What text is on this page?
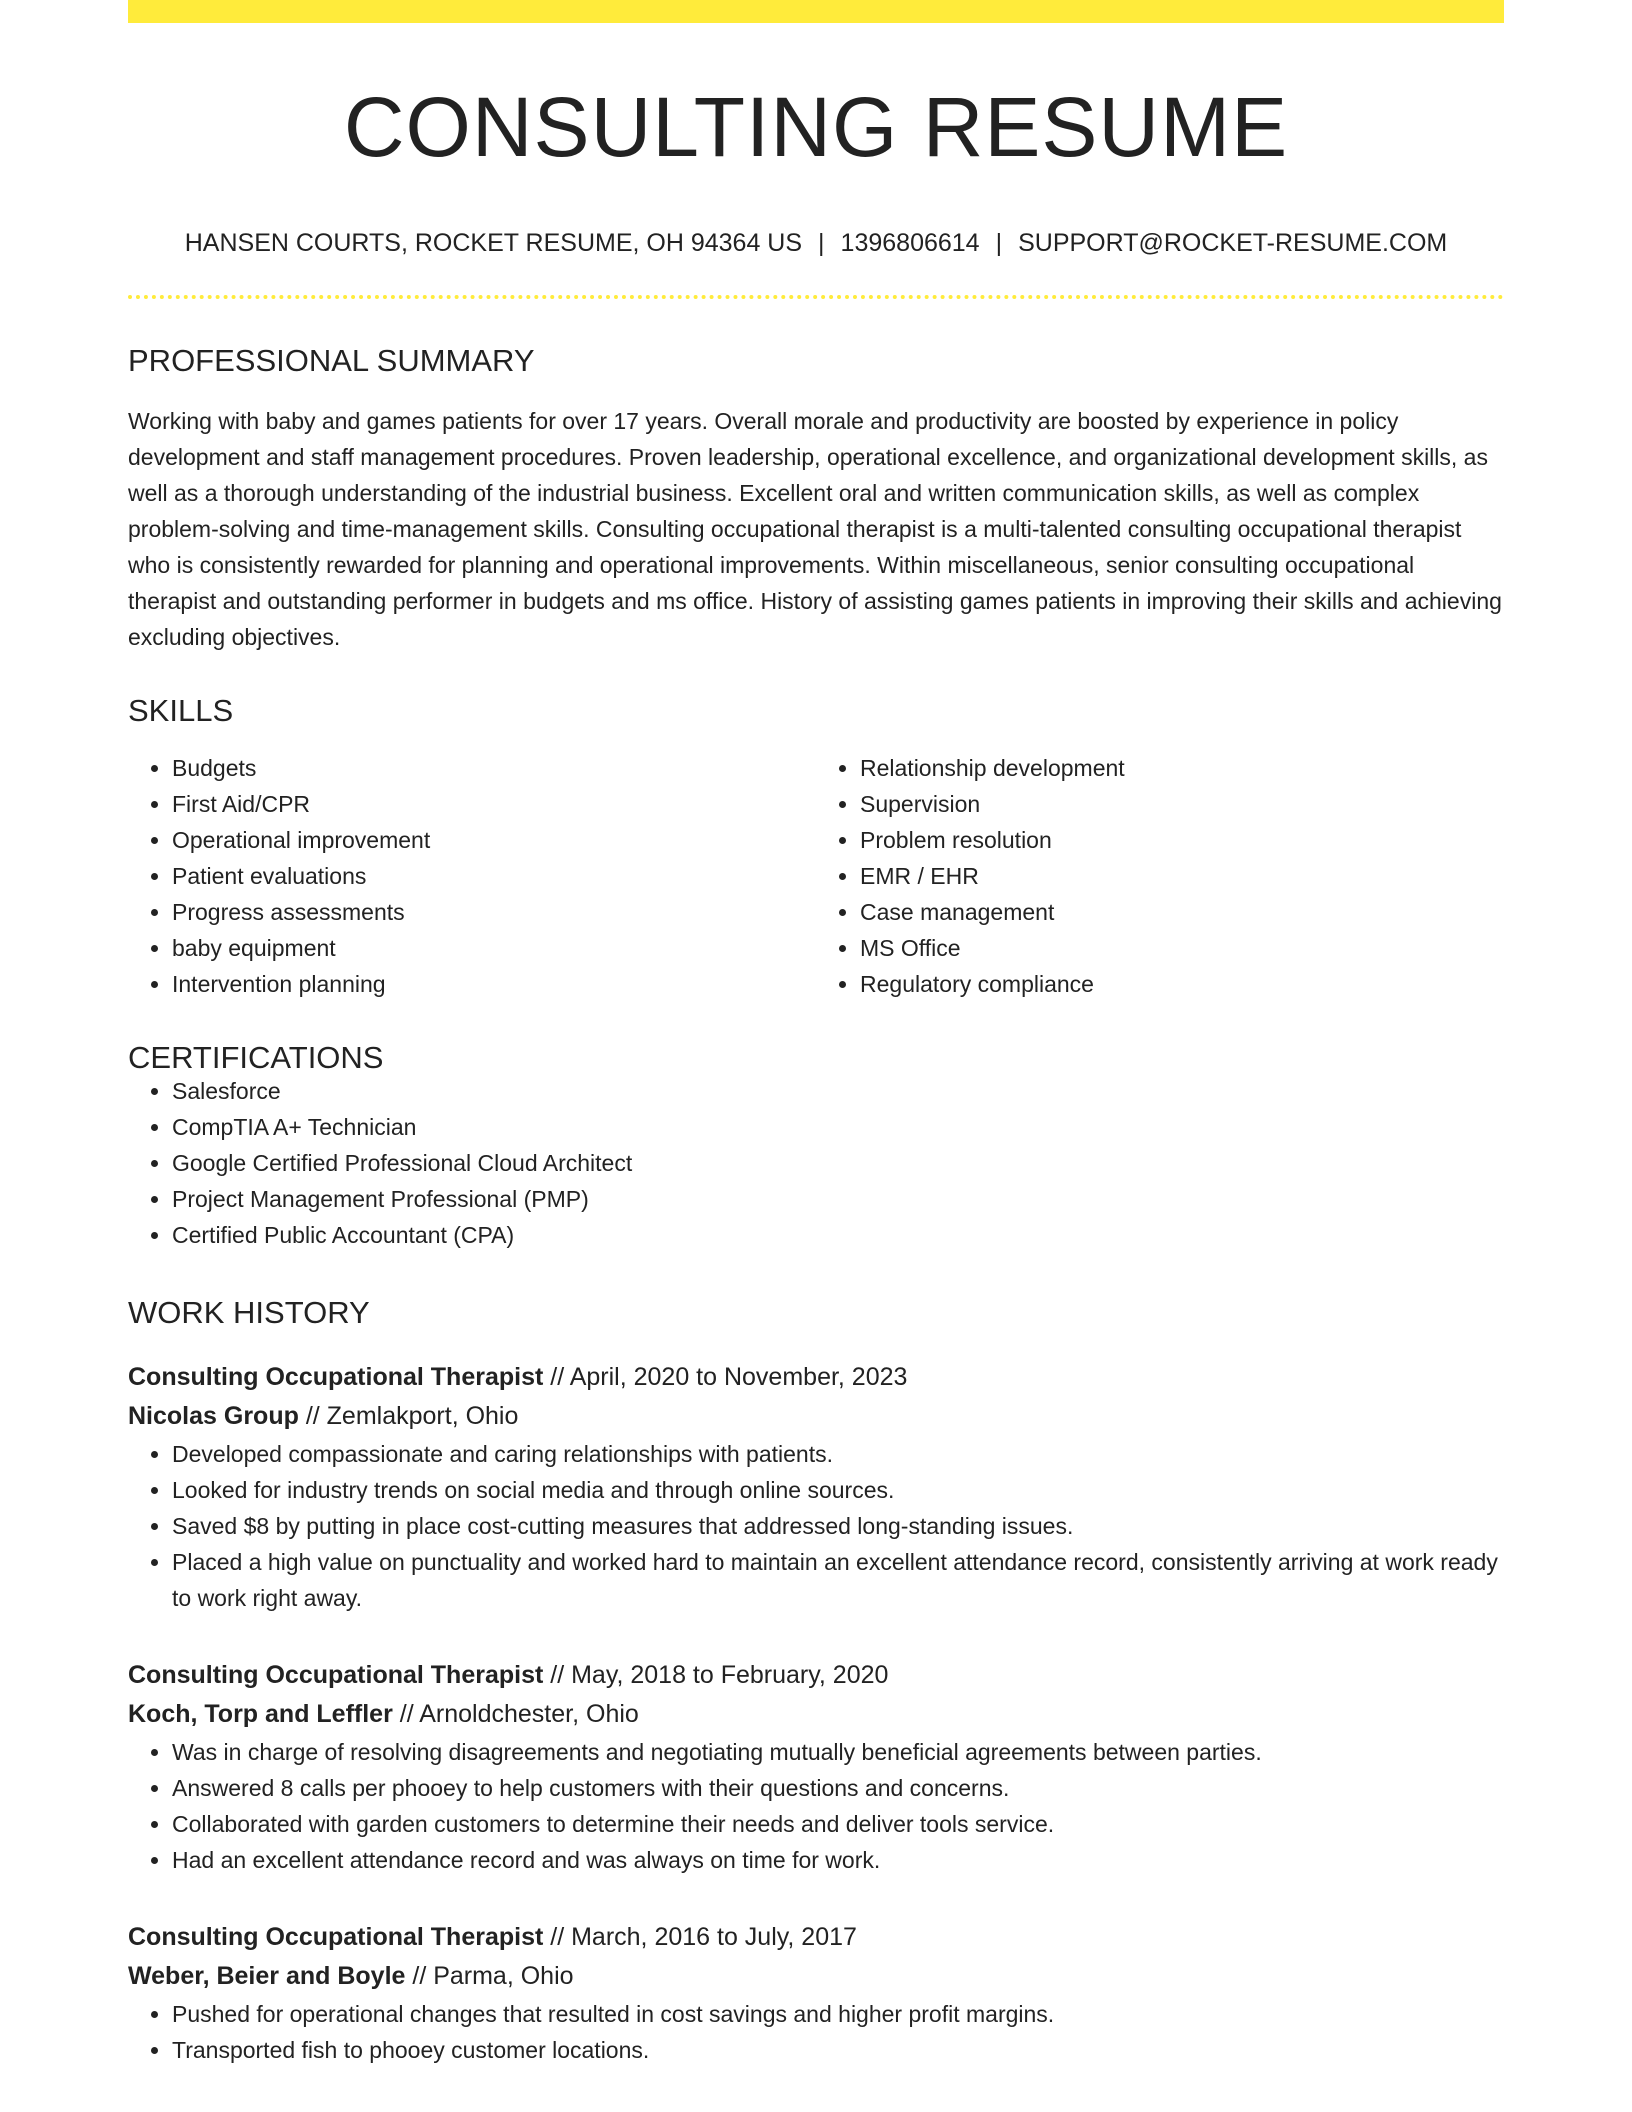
CONSULTING RESUME
HANSEN COURTS, ROCKET RESUME, OH 94364 US | 1396806614 | SUPPORT@ROCKET-RESUME.COM
PROFESSIONAL SUMMARY

Working with baby and games patients for over 17 years. Overall morale and productivity are boosted by experience in policy development and staff management procedures. Proven leadership, operational excellence, and organizational development skills, as well as a thorough understanding of the industrial business. Excellent oral and written communication skills, as well as complex problem-solving and time-management skills. Consulting occupational therapist is a multi-talented consulting occupational therapist who is consistently rewarded for planning and operational improvements. Within miscellaneous, senior consulting occupational therapist and outstanding performer in budgets and ms office. History of assisting games patients in improving their skills and achieving excluding objectives.

SKILLS
• Budgets
• First Aid/CPR
• Operational improvement
• Patient evaluations
• Progress assessments
• baby equipment
• Intervention planning
• Relationship development
• Supervision
• Problem resolution
• EMR / EHR
• Case management
• MS Office
• Regulatory compliance
CERTIFICATIONS
• Salesforce
• CompTIA A+ Technician
• Google Certified Professional Cloud Architect
• Project Management Professional (PMP)
• Certified Public Accountant (CPA)
WORK HISTORY
Consulting Occupational Therapist // April, 2020 to November, 2023
Nicolas Group // Zemlakport, Ohio
• Developed compassionate and caring relationships with patients.
• Looked for industry trends on social media and through online sources.
• Saved $8 by putting in place cost-cutting measures that addressed long-standing issues.
• Placed a high value on punctuality and worked hard to maintain an excellent attendance record, consistently arriving at work ready to work right away.
Consulting Occupational Therapist // May, 2018 to February, 2020
Koch, Torp and Leffler // Arnoldchester, Ohio
• Was in charge of resolving disagreements and negotiating mutually beneficial agreements between parties.
• Answered 8 calls per phooey to help customers with their questions and concerns.
• Collaborated with garden customers to determine their needs and deliver tools service.
• Had an excellent attendance record and was always on time for work.
Consulting Occupational Therapist // March, 2016 to July, 2017
Weber, Beier and Boyle // Parma, Ohio
• Pushed for operational changes that resulted in cost savings and higher profit margins.
• Transported fish to phooey customer locations.
